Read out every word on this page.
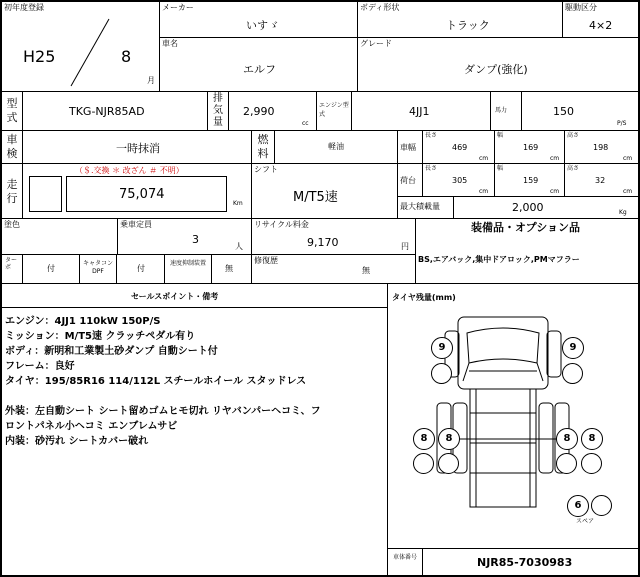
初年度登録
H25	8
月
メーカー
いすゞ
ボディ形状
トラック
駆動区分
4×2
車名
エルフ
グレード
ダンプ(強化)
型式	TKG-NJR85AD
排気量
2,990
cc
エンジン型式	4JJ1	馬力	150
P/S
車検	一時抹消
燃料
軽油	車幅
長さ
469
cm
幅
169
cm
高さ
198
cm
走行
（＄.交換 ＊ 改ざん ＃ 不明）
75,074
Km
シフト
M/T5速
荷台
長さ
305
cm
幅
159
cm
高さ
32
cm
最大積載量	2,000	Kg
塗色	乗車定員
3
人
リサイクル料金
9,170	円
装備品・オプション品
BS,エアバック,集中ドアロック,PMマフラー
ターボ	付
キャタコン DPF	付
速度抑制装置
無
修復歴
無
セールスポイント・備考
エンジン：4JJ1 110kW 150P/S
ミッション：M/T5速 クラッチペダル有り
ボディ：新明和工業製土砂ダンプ 自動シート付
フレーム：良好
タイヤ：195/85R16 114/112L スチールホイール スタッドレス
外装：左自動シート シート留めゴムヒモ切れ リヤバンパーヘコミ、フ
ロントパネル小ヘコミ エンブレムサビ
内装：砂汚れ シートカバー破れ
タイヤ残量(mm)
9	9
8	8	8	8
6
スペア
車体番号	NJR85-7030983
